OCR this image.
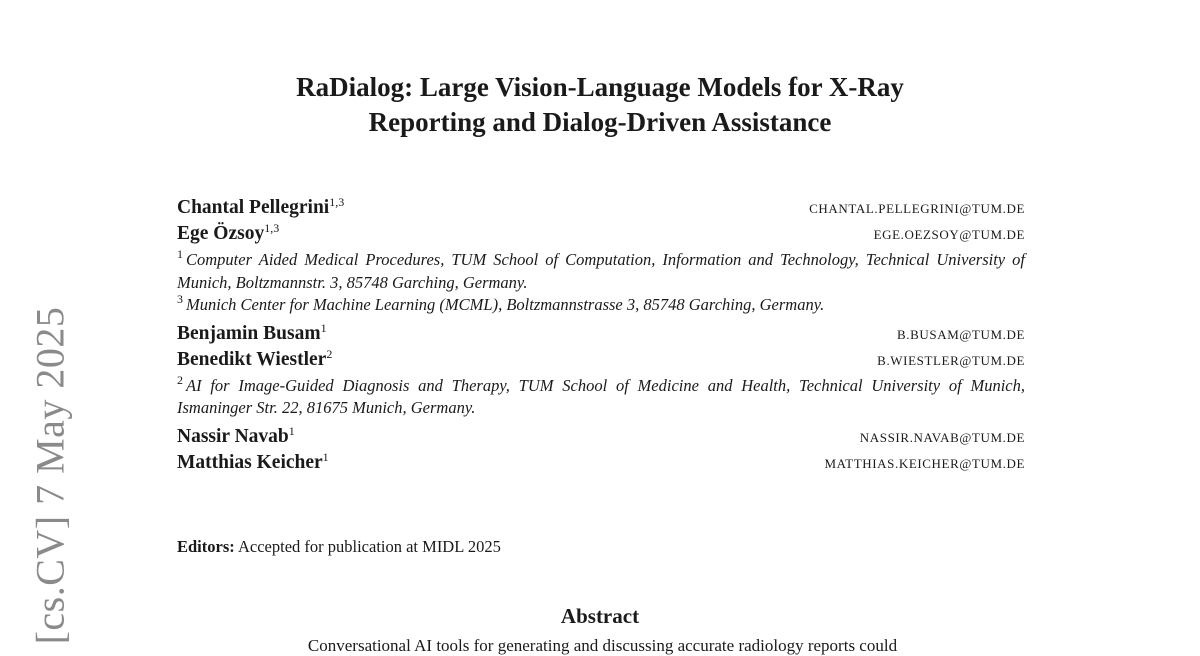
[cs.CV] 7 May 2025
RaDialog: Large Vision-Language Models for X-Ray
Reporting and Dialog-Driven Assistance
Chantal Pellegrini$^{1,3}$	CHANTAL.PELLEGRINI@TUM.DE
Ege Özsoy$^{1,3}$	EGE.OEZSOY@TUM.DE
$^1$ Computer Aided Medical Procedures, TUM School of Computation, Information and Technology, Technical University of Munich, Boltzmannstr. 3, 85748 Garching, Germany.
$^3$ Munich Center for Machine Learning (MCML), Boltzmannstrasse 3, 85748 Garching, Germany.
Benjamin Busam$^1$	B.BUSAM@TUM.DE
Benedikt Wiestler$^2$	B.WIESTLER@TUM.DE
$^2$ AI for Image-Guided Diagnosis and Therapy, TUM School of Medicine and Health, Technical University of Munich, Ismaninger Str. 22, 81675 Munich, Germany.
Nassir Navab$^1$	NASSIR.NAVAB@TUM.DE
Matthias Keicher$^1$	MATTHIAS.KEICHER@TUM.DE
Editors: Accepted for publication at MIDL 2025
Abstract
Conversational AI tools for generating and discussing accurate radiology reports could
